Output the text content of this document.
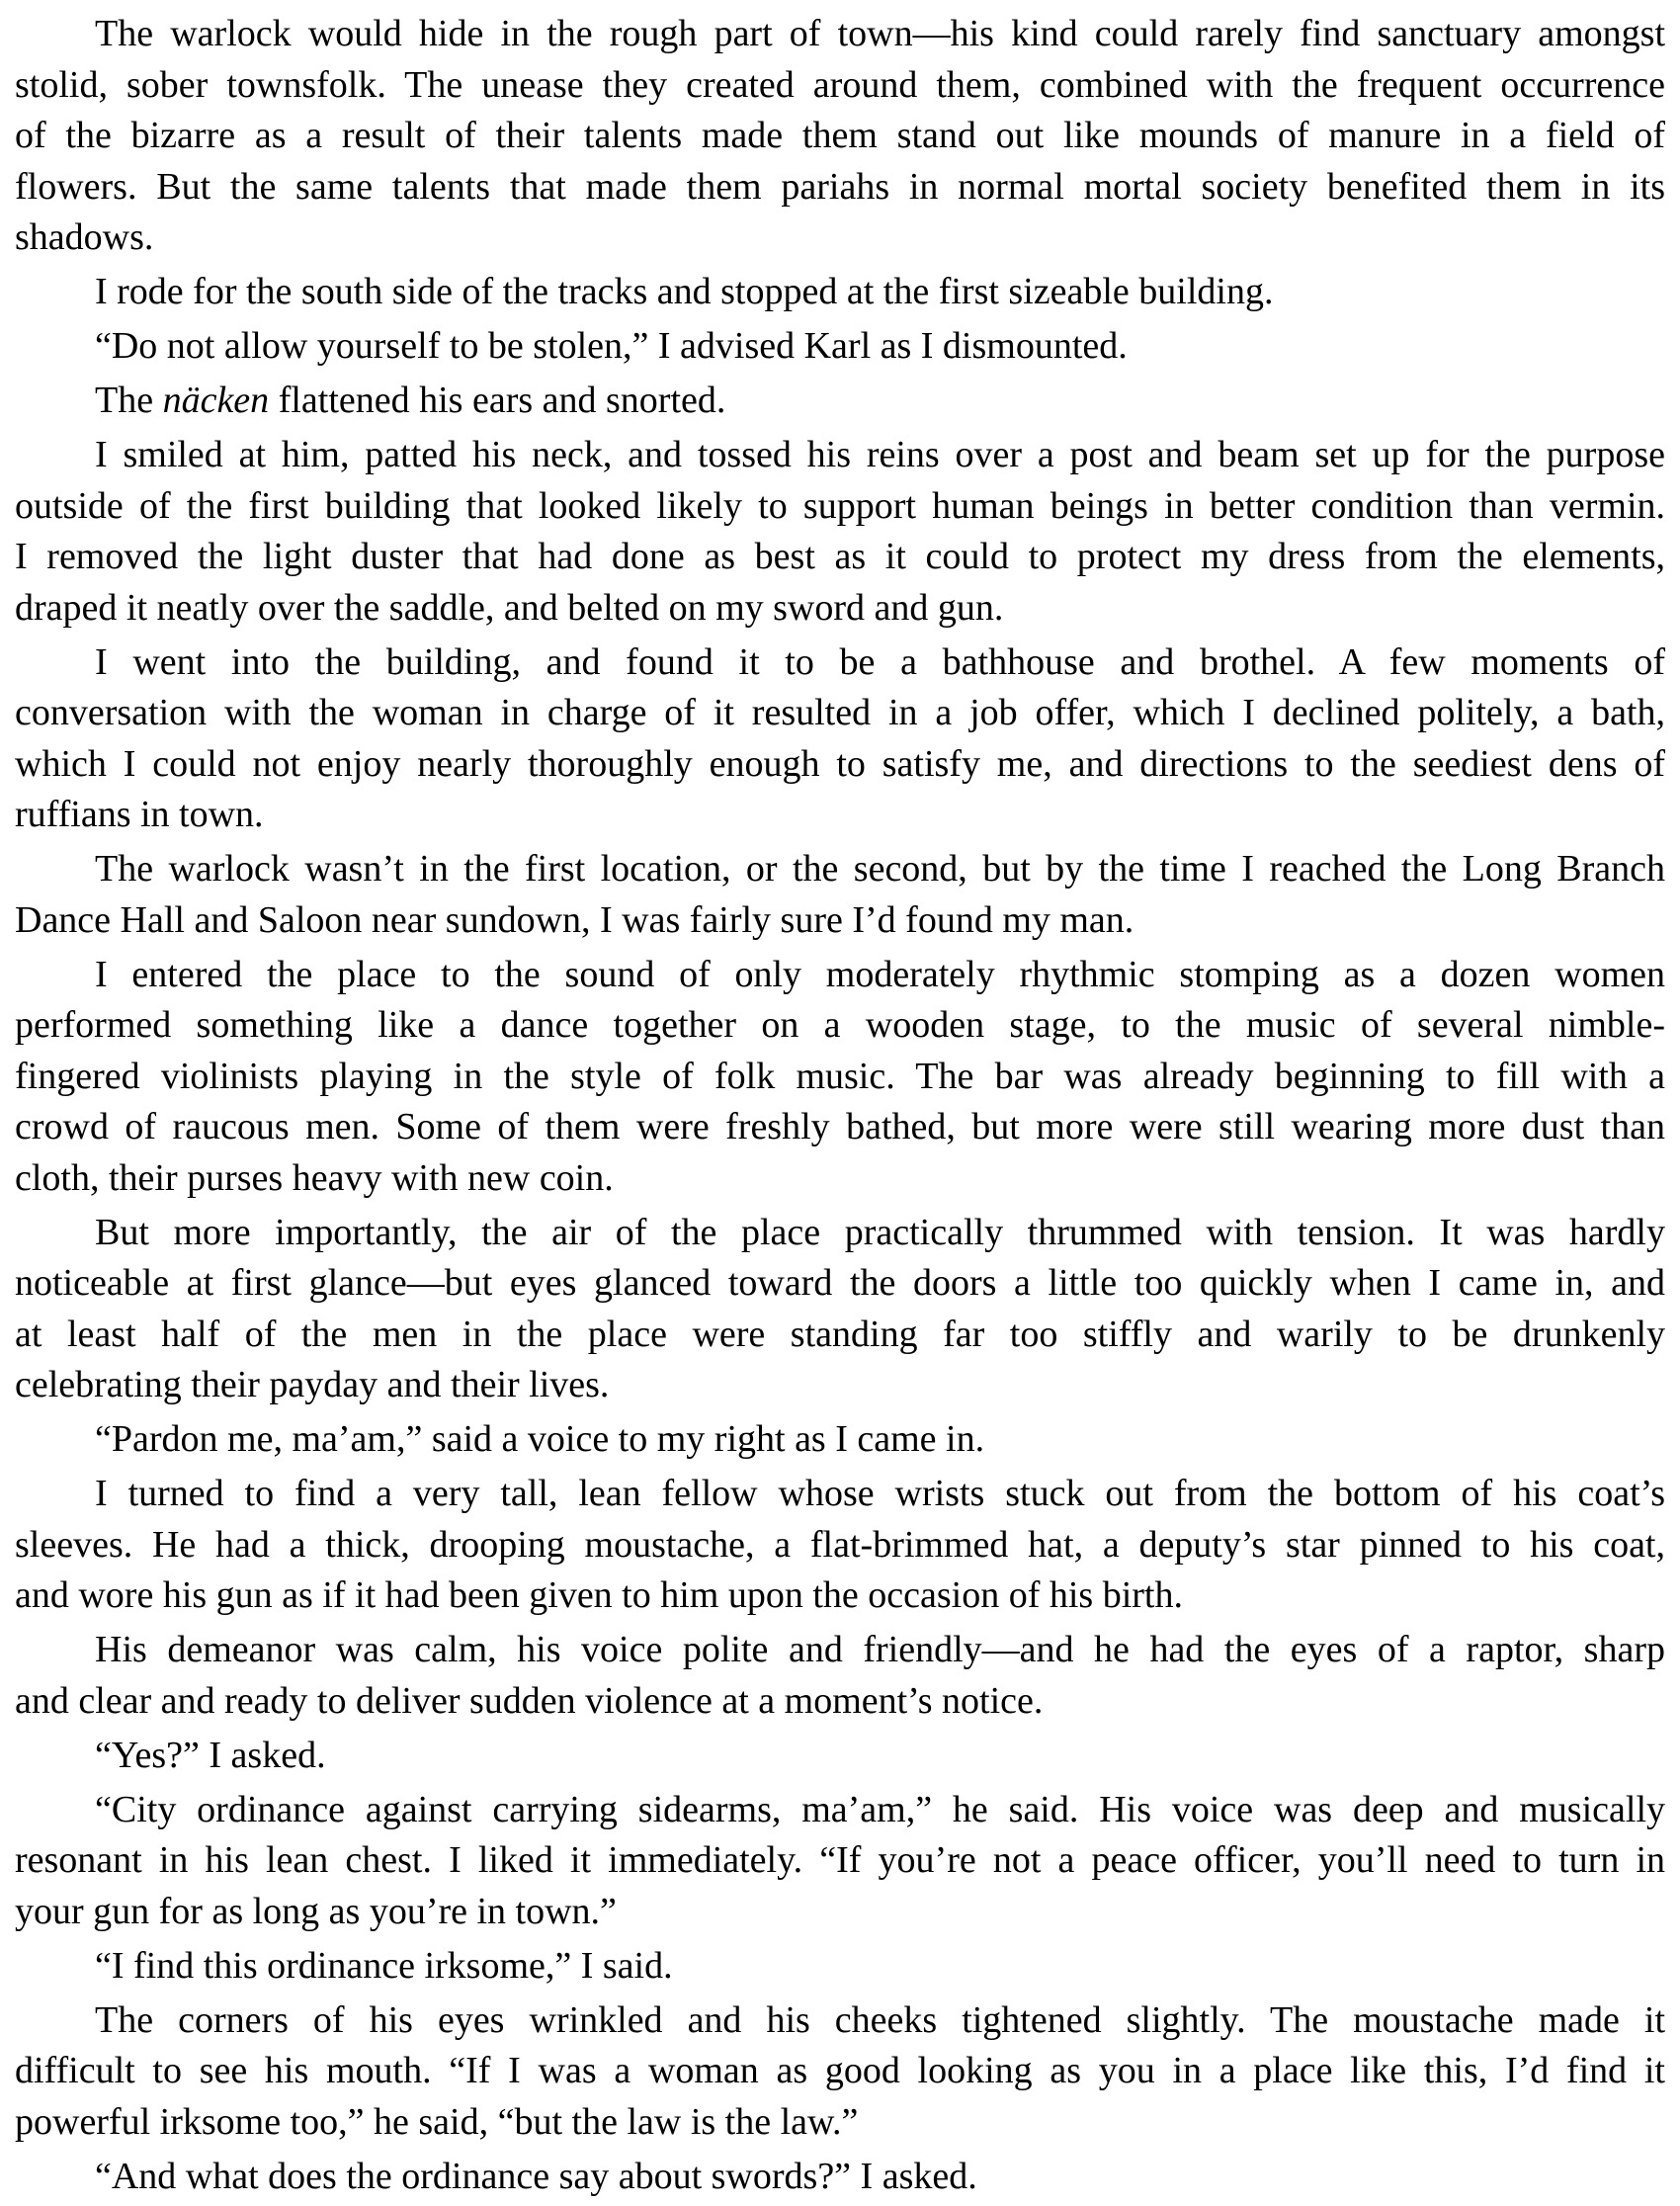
The warlock would hide in the rough part of town—his kind could rarely find sanctuary amongst
stolid, sober townsfolk. The unease they created around them, combined with the frequent occurrence
of the bizarre as a result of their talents made them stand out like mounds of manure in a field of
flowers. But the same talents that made them pariahs in normal mortal society benefited them in its
shadows.
I rode for the south side of the tracks and stopped at the first sizeable building.
“Do not allow yourself to be stolen,” I advised Karl as I dismounted.
The näcken flattened his ears and snorted.
I smiled at him, patted his neck, and tossed his reins over a post and beam set up for the purpose
outside of the first building that looked likely to support human beings in better condition than vermin.
I removed the light duster that had done as best as it could to protect my dress from the elements,
draped it neatly over the saddle, and belted on my sword and gun.
I went into the building, and found it to be a bathhouse and brothel. A few moments of
conversation with the woman in charge of it resulted in a job offer, which I declined politely, a bath,
which I could not enjoy nearly thoroughly enough to satisfy me, and directions to the seediest dens of
ruffians in town.
The warlock wasn’t in the first location, or the second, but by the time I reached the Long Branch
Dance Hall and Saloon near sundown, I was fairly sure I’d found my man.
I entered the place to the sound of only moderately rhythmic stomping as a dozen women
performed something like a dance together on a wooden stage, to the music of several nimble-
fingered violinists playing in the style of folk music. The bar was already beginning to fill with a
crowd of raucous men. Some of them were freshly bathed, but more were still wearing more dust than
cloth, their purses heavy with new coin.
But more importantly, the air of the place practically thrummed with tension. It was hardly
noticeable at first glance—but eyes glanced toward the doors a little too quickly when I came in, and
at least half of the men in the place were standing far too stiffly and warily to be drunkenly
celebrating their payday and their lives.
“Pardon me, ma’am,” said a voice to my right as I came in.
I turned to find a very tall, lean fellow whose wrists stuck out from the bottom of his coat’s
sleeves. He had a thick, drooping moustache, a flat-brimmed hat, a deputy’s star pinned to his coat,
and wore his gun as if it had been given to him upon the occasion of his birth.
His demeanor was calm, his voice polite and friendly—and he had the eyes of a raptor, sharp
and clear and ready to deliver sudden violence at a moment’s notice.
“Yes?” I asked.
“City ordinance against carrying sidearms, ma’am,” he said. His voice was deep and musically
resonant in his lean chest. I liked it immediately. “If you’re not a peace officer, you’ll need to turn in
your gun for as long as you’re in town.”
“I find this ordinance irksome,” I said.
The corners of his eyes wrinkled and his cheeks tightened slightly. The moustache made it
difficult to see his mouth. “If I was a woman as good looking as you in a place like this, I’d find it
powerful irksome too,” he said, “but the law is the law.”
“And what does the ordinance say about swords?” I asked.
